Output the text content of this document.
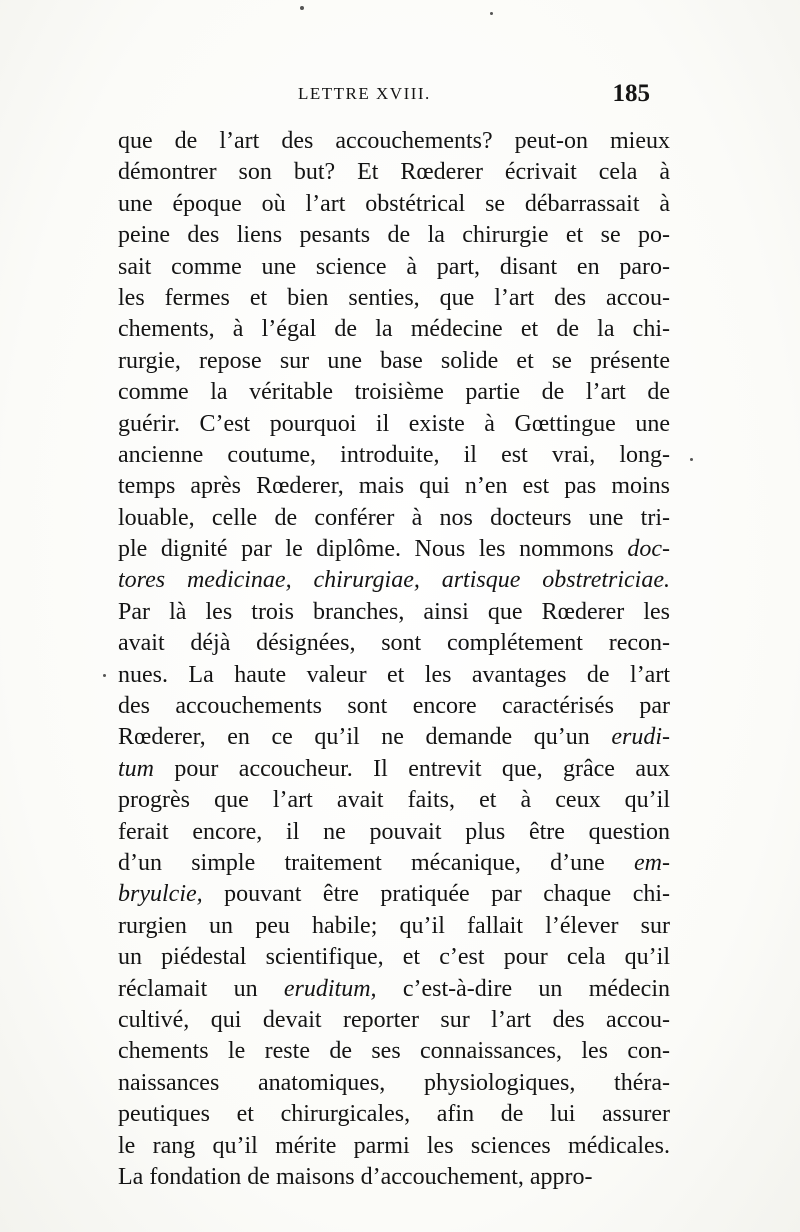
LETTRE XVIII.	185
que de l’art des accouchements? peut-on mieux
démontrer son but? Et Rœderer écrivait cela à
une époque où l’art obstétrical se débarrassait à
peine des liens pesants de la chirurgie et se po-
sait comme une science à part, disant en paro-
les fermes et bien senties, que l’art des accou-
chements, à l’égal de la médecine et de la chi-
rurgie, repose sur une base solide et se présente
comme la véritable troisième partie de l’art de
guérir. C’est pourquoi il existe à Gœttingue une
ancienne coutume, introduite, il est vrai, long-
temps après Rœderer, mais qui n’en est pas moins
louable, celle de conférer à nos docteurs une tri-
ple dignité par le diplôme. Nous les nommons doc-
tores medicinae, chirurgiae, artisque obstretriciae.
Par là les trois branches, ainsi que Rœderer les
avait déjà désignées, sont complétement recon-
nues. La haute valeur et les avantages de l’art
des accouchements sont encore caractérisés par
Rœderer, en ce qu’il ne demande qu’un erudi-
tum pour accoucheur. Il entrevit que, grâce aux
progrès que l’art avait faits, et à ceux qu’il
ferait encore, il ne pouvait plus être question
d’un simple traitement mécanique, d’une em-
bryulcie, pouvant être pratiquée par chaque chi-
rurgien un peu habile; qu’il fallait l’élever sur
un piédestal scientifique, et c’est pour cela qu’il
réclamait un eruditum, c’est-à-dire un médecin
cultivé, qui devait reporter sur l’art des accou-
chements le reste de ses connaissances, les con-
naissances anatomiques, physiologiques, théra-
peutiques et chirurgicales, afin de lui assurer
le rang qu’il mérite parmi les sciences médicales.
La fondation de maisons d’accouchement, appro-
